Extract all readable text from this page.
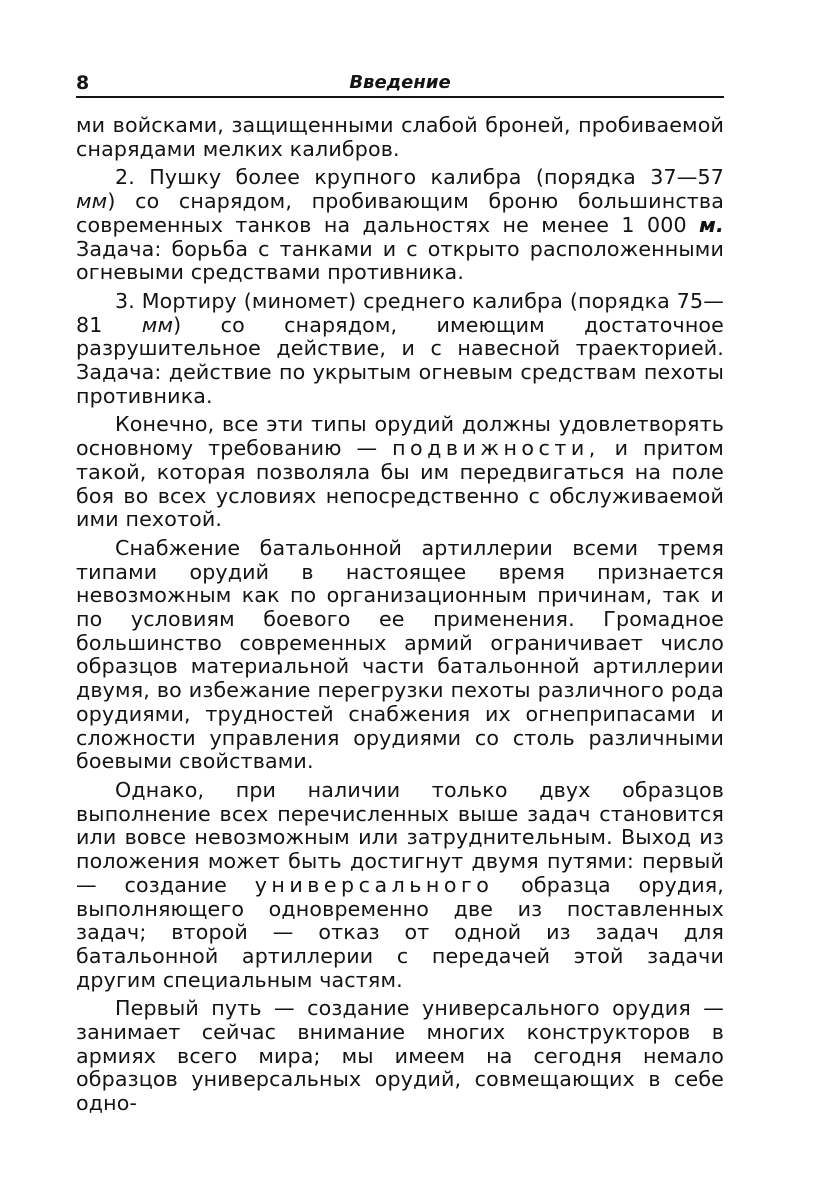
8	Введение

ми войсками, защищенными слабой броней, пробиваемой снарядами мелких калибров.

2. Пушку более крупного калибра (порядка 37—57 мм) со снарядом, пробивающим броню большинства современных танков на дальностях не менее 1 000 м. Задача: борьба с танками и с открыто расположенными огневыми средствами противника.

3. Мортиру (миномет) среднего калибра (порядка 75—81 мм) со снарядом, имеющим достаточное разрушительное действие, и с навесной траекторией. Задача: действие по укрытым огневым средствам пехоты противника.

Конечно, все эти типы орудий должны удовлетворять основному требованию — подвижности, и притом такой, которая позволяла бы им передвигаться на поле боя во всех условиях непосредственно с обслуживаемой ими пехотой.

Снабжение батальонной артиллерии всеми тремя типами орудий в настоящее время признается невозможным как по организационным причинам, так и по условиям боевого ее применения. Громадное большинство современных армий ограничивает число образцов материальной части батальонной артиллерии двумя, во избежание перегрузки пехоты различного рода орудиями, трудностей снабжения их огнеприпасами и сложности управления орудиями со столь различными боевыми свойствами.

Однако, при наличии только двух образцов выполнение всех перечисленных выше задач становится или вовсе невозможным или затруднительным. Выход из положения может быть достигнут двумя путями: первый — создание универсального образца орудия, выполняющего одновременно две из поставленных задач; второй — отказ от одной из задач для батальонной артиллерии с передачей этой задачи другим специальным частям.

Первый путь — создание универсального орудия — занимает сейчас внимание многих конструкторов в армиях всего мира; мы имеем на сегодня немало образцов универсальных орудий, совмещающих в себе одно-
